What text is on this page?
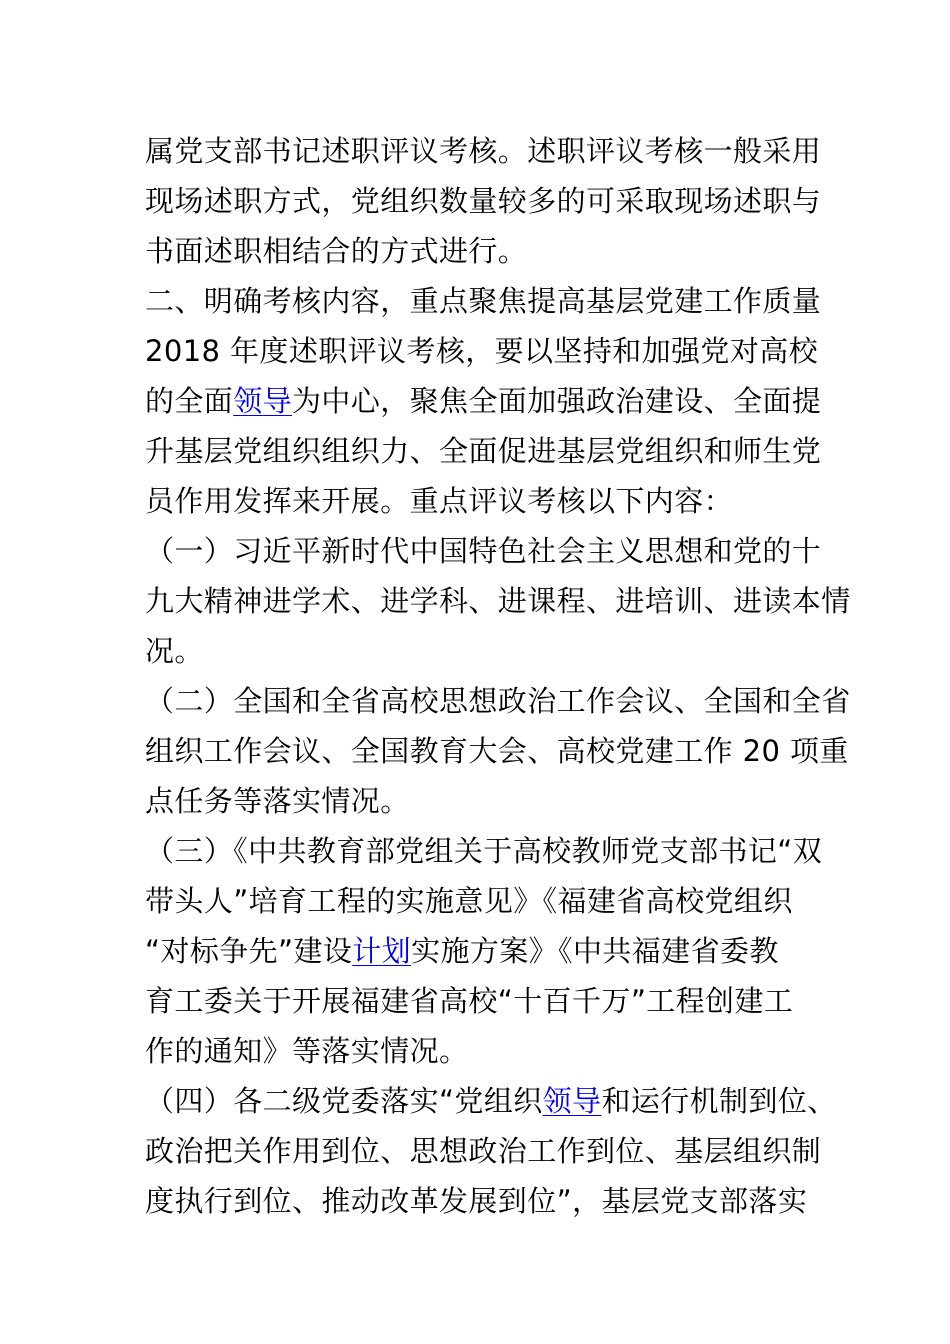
属党支部书记述职评议考核。述职评议考核一般采用
现场述职方式，党组织数量较多的可采取现场述职与
书面述职相结合的方式进行。
二、明确考核内容，重点聚焦提高基层党建工作质量
2018 年度述职评议考核，要以坚持和加强党对高校
的全面领导为中心，聚焦全面加强政治建设、全面提
升基层党组织组织力、全面促进基层党组织和师生党
员作用发挥来开展。重点评议考核以下内容：
（一）习近平新时代中国特色社会主义思想和党的十
九大精神进学术、进学科、进课程、进培训、进读本情
况。
（二）全国和全省高校思想政治工作会议、全国和全省
组织工作会议、全国教育大会、高校党建工作 20 项重
点任务等落实情况。
（三）《中共教育部党组关于高校教师党支部书记“双
带头人”培育工程的实施意见》《福建省高校党组织
“对标争先”建设计划实施方案》《中共福建省委教
育工委关于开展福建省高校“十百千万”工程创建工
作的通知》等落实情况。
（四）各二级党委落实“党组织领导和运行机制到位、
政治把关作用到位、思想政治工作到位、基层组织制
度执行到位、推动改革发展到位”，基层党支部落实
